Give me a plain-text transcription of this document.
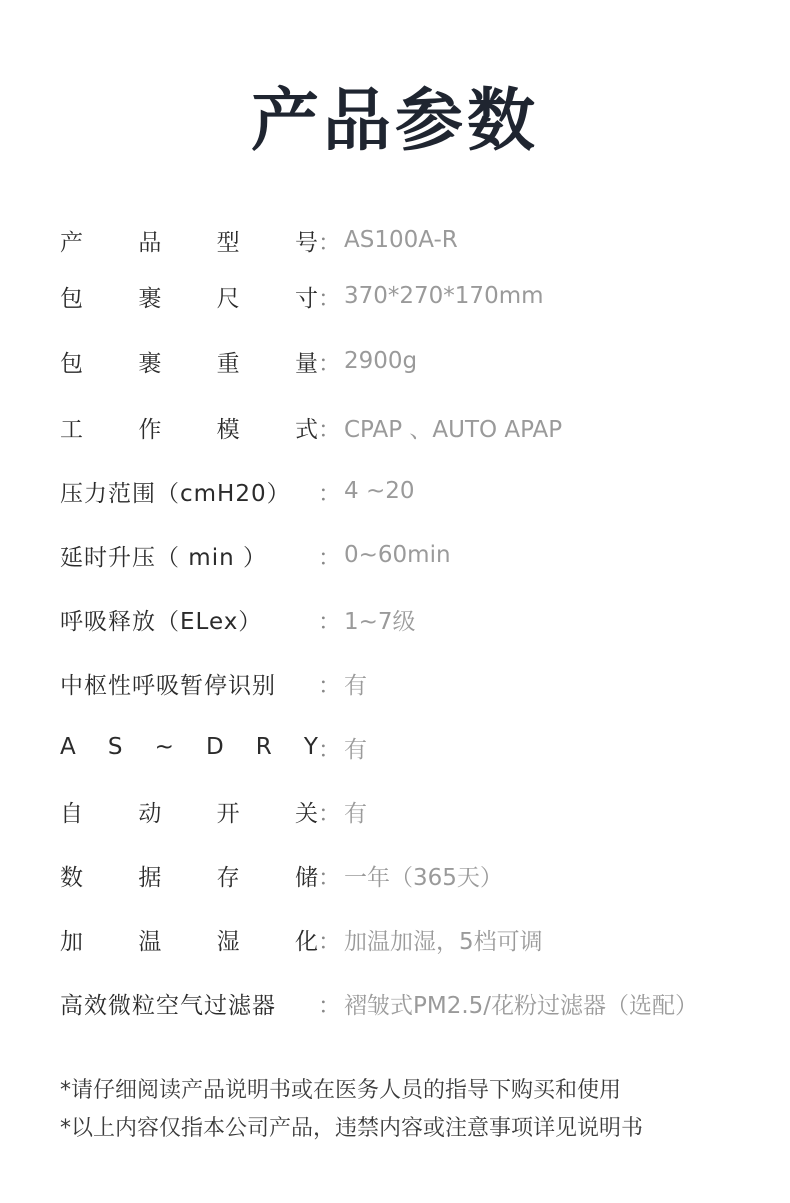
产品参数
产 品 型 号 ： AS100A-R
包 裹 尺 寸 ： 370*270*170mm
包 裹 重 量 ： 2900g
工 作 模 式 ： CPAP 、AUTO APAP
压力范围（cmH20）	： 4 ~20
延时升压（ min ）	： 0~60min
呼吸释放（ELex）	： 1~7级
中枢性呼吸暂停识别	： 有
A S ~ D R Y ： 有
自 动 开 关 ： 有
数 据 存 储 ： 一年（365天）
加 温 湿 化 ： 加温加湿，5档可调
高效微粒空气过滤器	： 褶皱式PM2.5/花粉过滤器（选配）
*请仔细阅读产品说明书或在医务人员的指导下购买和使用
*以上内容仅指本公司产品，违禁内容或注意事项详见说明书
